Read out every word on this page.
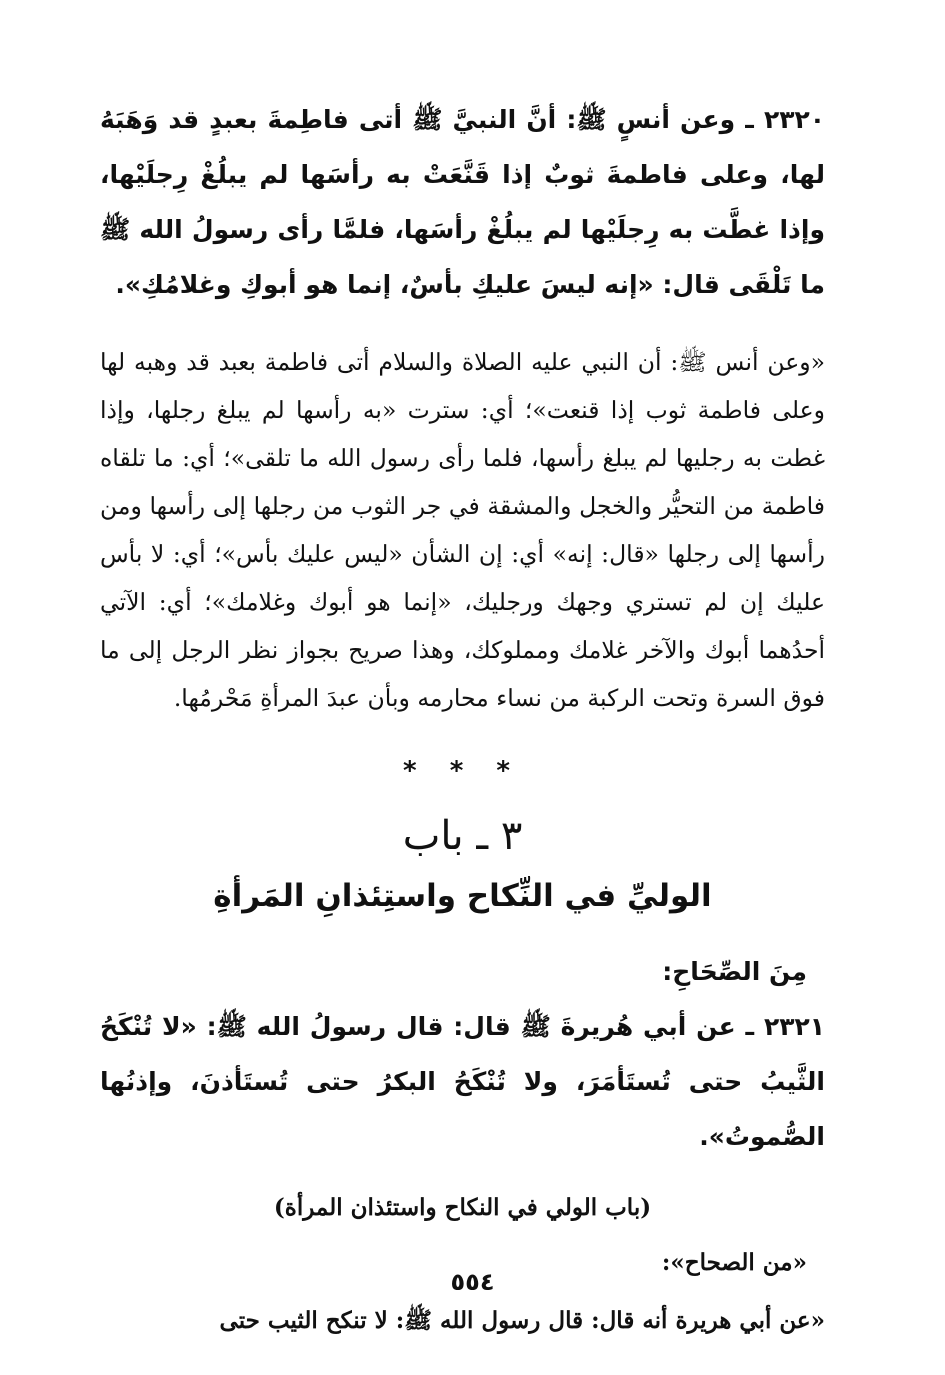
٢٣٢٠ ـ وعن أنسٍ ﷺ: أنَّ النبيَّ ﷺ أتى فاطِمةَ بعبدٍ قد وَهَبَهُ لها، وعلى فاطمةَ ثوبٌ إذا قَنَّعَتْ به رأسَها لم يبلُغْ رِجلَيْها، وإذا غطَّت به رِجلَيْها لم يبلُغْ رأسَها، فلمَّا رأى رسولُ الله ﷺ ما تَلْقَى قال: «إنه ليسَ عليكِ بأسٌ، إنما هو أبوكِ وغلامُكِ».

«وعن أنس ﷺ: أن النبي عليه الصلاة والسلام أتى فاطمة بعبد قد وهبه لها وعلى فاطمة ثوب إذا قنعت»؛ أي: سترت «به رأسها لم يبلغ رجلها، وإذا غطت به رجليها لم يبلغ رأسها، فلما رأى رسول الله ما تلقى»؛ أي: ما تلقاه فاطمة من التحيُّر والخجل والمشقة في جر الثوب من رجلها إلى رأسها ومن رأسها إلى رجلها «قال: إنه» أي: إن الشأن «ليس عليك بأس»؛ أي: لا بأس عليك إن لم تستري وجهك ورجليك، «إنما هو أبوك وغلامك»؛ أي: الآتي أحدُهما أبوك والآخر غلامك ومملوكك، وهذا صريح بجواز نظر الرجل إلى ما فوق السرة وتحت الركبة من نساء محارمه وبأن عبدَ المرأةِ مَحْرمُها.

* * *
٣ ـ باب
الوليِّ في النِّكاح واستِئذانِ المَرأةِ
مِنَ الصِّحَاحِ:

٢٣٢١ ـ عن أبي هُريرةَ ﷺ قال: قال رسولُ الله ﷺ: «لا تُنْكَحُ الثَّيبُ حتى تُستَأمَرَ، ولا تُنْكَحُ البكرُ حتى تُستَأذنَ، وإذنُها الصُّموتُ».

(باب الولي في النكاح واستئذان المرأة)
«من الصحاح»:

«عن أبي هريرة أنه قال: قال رسول الله ﷺ: لا تنكح الثيب حتى

٥٥٤
